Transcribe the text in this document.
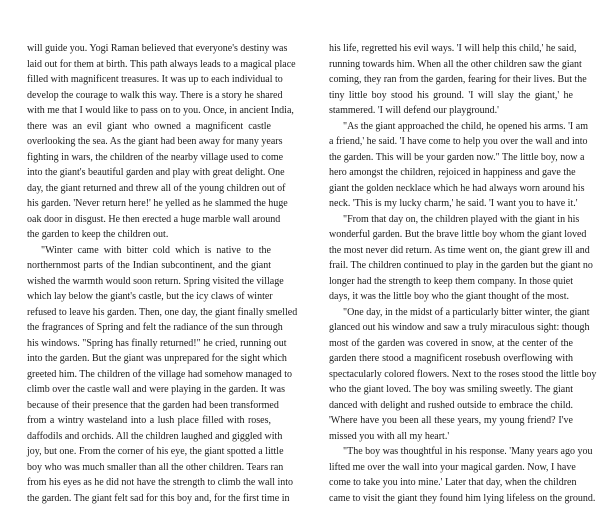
will guide you. Yogi Raman believed that everyone's destiny was
laid out for them at birth. This path always leads to a magical place
filled with magnificent treasures. It was up to each individual to
develop the courage to walk this way. There is a story he shared
with me that I would like to pass on to you. Once, in ancient India,
there was an evil giant who owned a magnificent castle
overlooking the sea. As the giant had been away for many years
fighting in wars, the children of the nearby village used to come
into the giant's beautiful garden and play with great delight. One
day, the giant returned and threw all of the young children out of
his garden. 'Never return here!' he yelled as he slammed the huge
oak door in disgust. He then erected a huge marble wall around
the garden to keep the children out.
"Winter came with bitter cold which is native to the
northernmost parts of the Indian subcontinent, and the giant
wished the warmth would soon return. Spring visited the village
which lay below the giant's castle, but the icy claws of winter
refused to leave his garden. Then, one day, the giant finally smelled
the fragrances of Spring and felt the radiance of the sun through
his windows. "Spring has finally returned!" he cried, running out
into the garden. But the giant was unprepared for the sight which
greeted him. The children of the village had somehow managed to
climb over the castle wall and were playing in the garden. It was
because of their presence that the garden had been transformed
from a wintry wasteland into a lush place filled with roses,
daffodils and orchids. All the children laughed and giggled with
joy, but one. From the corner of his eye, the giant spotted a little
boy who was much smaller than all the other children. Tears ran
from his eyes as he did not have the strength to climb the wall into
the garden. The giant felt sad for this boy and, for the first time in
his life, regretted his evil ways. 'I will help this child,' he said,
running towards him. When all the other children saw the giant
coming, they ran from the garden, fearing for their lives. But the
tiny little boy stood his ground. 'I will slay the giant,' he
stammered. 'I will defend our playground.'
"As the giant approached the child, he opened his arms. 'I am
a friend,' he said. 'I have come to help you over the wall and into
the garden. This will be your garden now." The little boy, now a
hero amongst the children, rejoiced in happiness and gave the
giant the golden necklace which he had always worn around his
neck. 'This is my lucky charm,' he said. 'I want you to have it.'
"From that day on, the children played with the giant in his
wonderful garden. But the brave little boy whom the giant loved
the most never did return. As time went on, the giant grew ill and
frail. The children continued to play in the garden but the giant no
longer had the strength to keep them company. In those quiet
days, it was the little boy who the giant thought of the most.
"One day, in the midst of a particularly bitter winter, the giant
glanced out his window and saw a truly miraculous sight: though
most of the garden was covered in snow, at the center of the
garden there stood a magnificent rosebush overflowing with
spectacularly colored flowers. Next to the roses stood the little boy
who the giant loved. The boy was smiling sweetly. The giant
danced with delight and rushed outside to embrace the child.
'Where have you been all these years, my young friend? I've
missed you with all my heart.'
"The boy was thoughtful in his response. 'Many years ago you
lifted me over the wall into your magical garden. Now, I have
come to take you into mine.' Later that day, when the children
came to visit the giant they found him lying lifeless on the ground.
